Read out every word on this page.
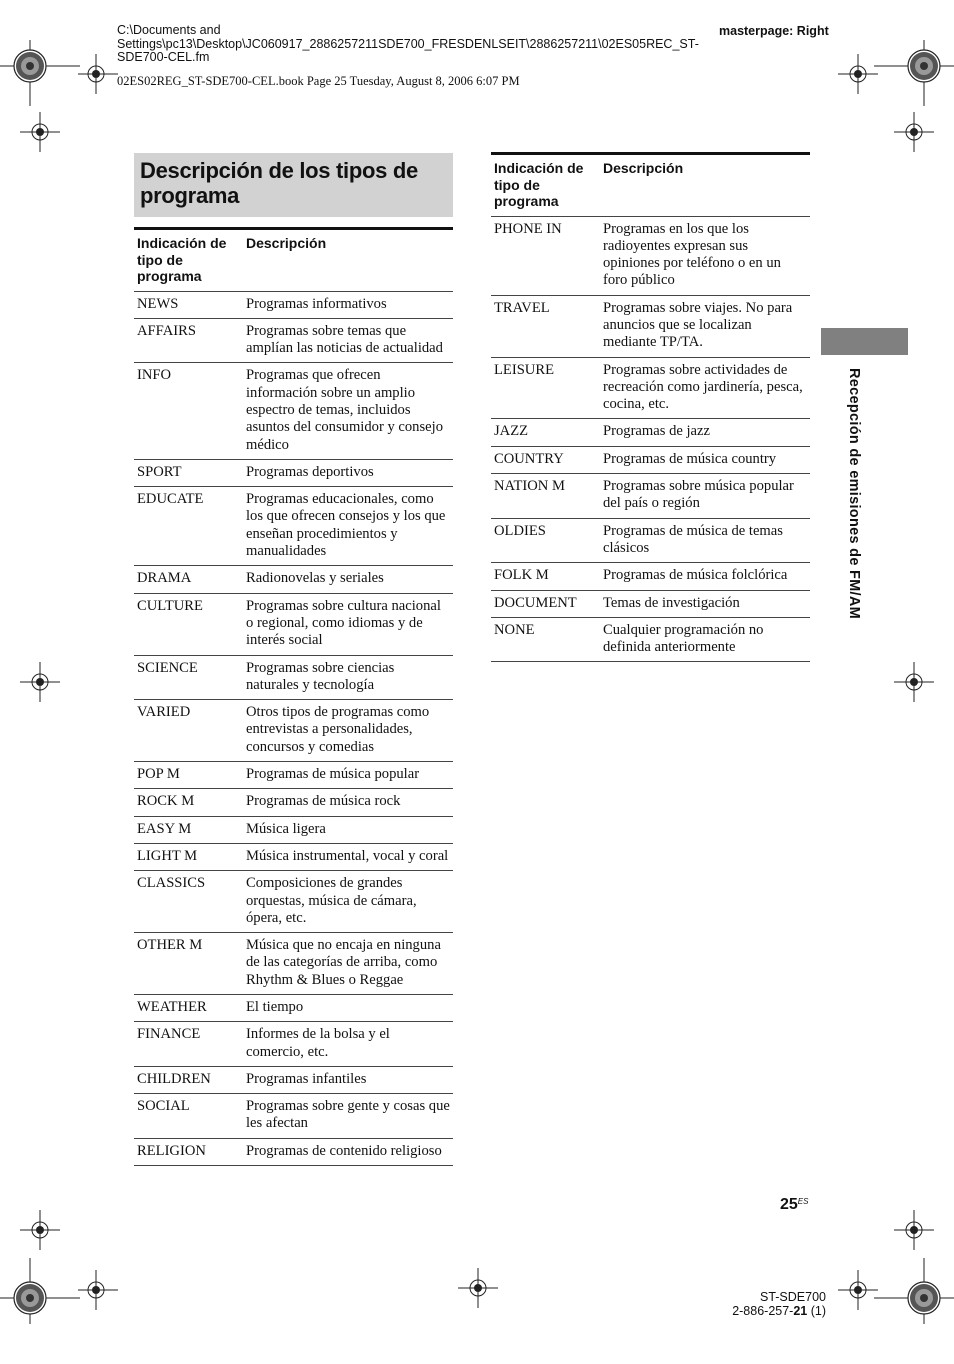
C:\Documents and Settings\pc13\Desktop\JC060917_2886257211SDE700_FRESDENLSEIT\2886257211\02ES05REC_ST-SDE700-CEL.fm
masterpage: Right
02ES02REG_ST-SDE700-CEL.book Page 25 Tuesday, August 8, 2006 6:07 PM
Descripción de los tipos de programa
Indicación de tipo de programa	Descripción
NEWS	Programas informativos
AFFAIRS	Programas sobre temas que amplían las noticias de actualidad
INFO	Programas que ofrecen información sobre un amplio espectro de temas, incluidos asuntos del consumidor y consejo médico
SPORT	Programas deportivos
EDUCATE	Programas educacionales, como los que ofrecen consejos y los que enseñan procedimientos y manualidades
DRAMA	Radionovelas y seriales
CULTURE	Programas sobre cultura nacional o regional, como idiomas y de interés social
SCIENCE	Programas sobre ciencias naturales y tecnología
VARIED	Otros tipos de programas como entrevistas a personalidades, concursos y comedias
POP M	Programas de música popular
ROCK M	Programas de música rock
EASY M	Música ligera
LIGHT M	Música instrumental, vocal y coral
CLASSICS	Composiciones de grandes orquestas, música de cámara, ópera, etc.
OTHER M	Música que no encaja en ninguna de las categorías de arriba, como Rhythm & Blues o Reggae
WEATHER	El tiempo
FINANCE	Informes de la bolsa y el comercio, etc.
CHILDREN	Programas infantiles
SOCIAL	Programas sobre gente y cosas que les afectan
RELIGION	Programas de contenido religioso
Indicación de tipo de programa	Descripción
PHONE IN	Programas en los que los radioyentes expresan sus opiniones por teléfono o en un foro público
TRAVEL	Programas sobre viajes. No para anuncios que se localizan mediante TP/TA.
LEISURE	Programas sobre actividades de recreación como jardinería, pesca, cocina, etc.
JAZZ	Programas de jazz
COUNTRY	Programas de música country
NATION M	Programas sobre música popular del país o región
OLDIES	Programas de música de temas clásicos
FOLK M	Programas de música folclórica
DOCUMENT	Temas de investigación
NONE	Cualquier programación no definida anteriormente
Recepción de emisiones de FM/AM
$25^{ES}$
ST-SDE700
2-886-257-21 (1)
